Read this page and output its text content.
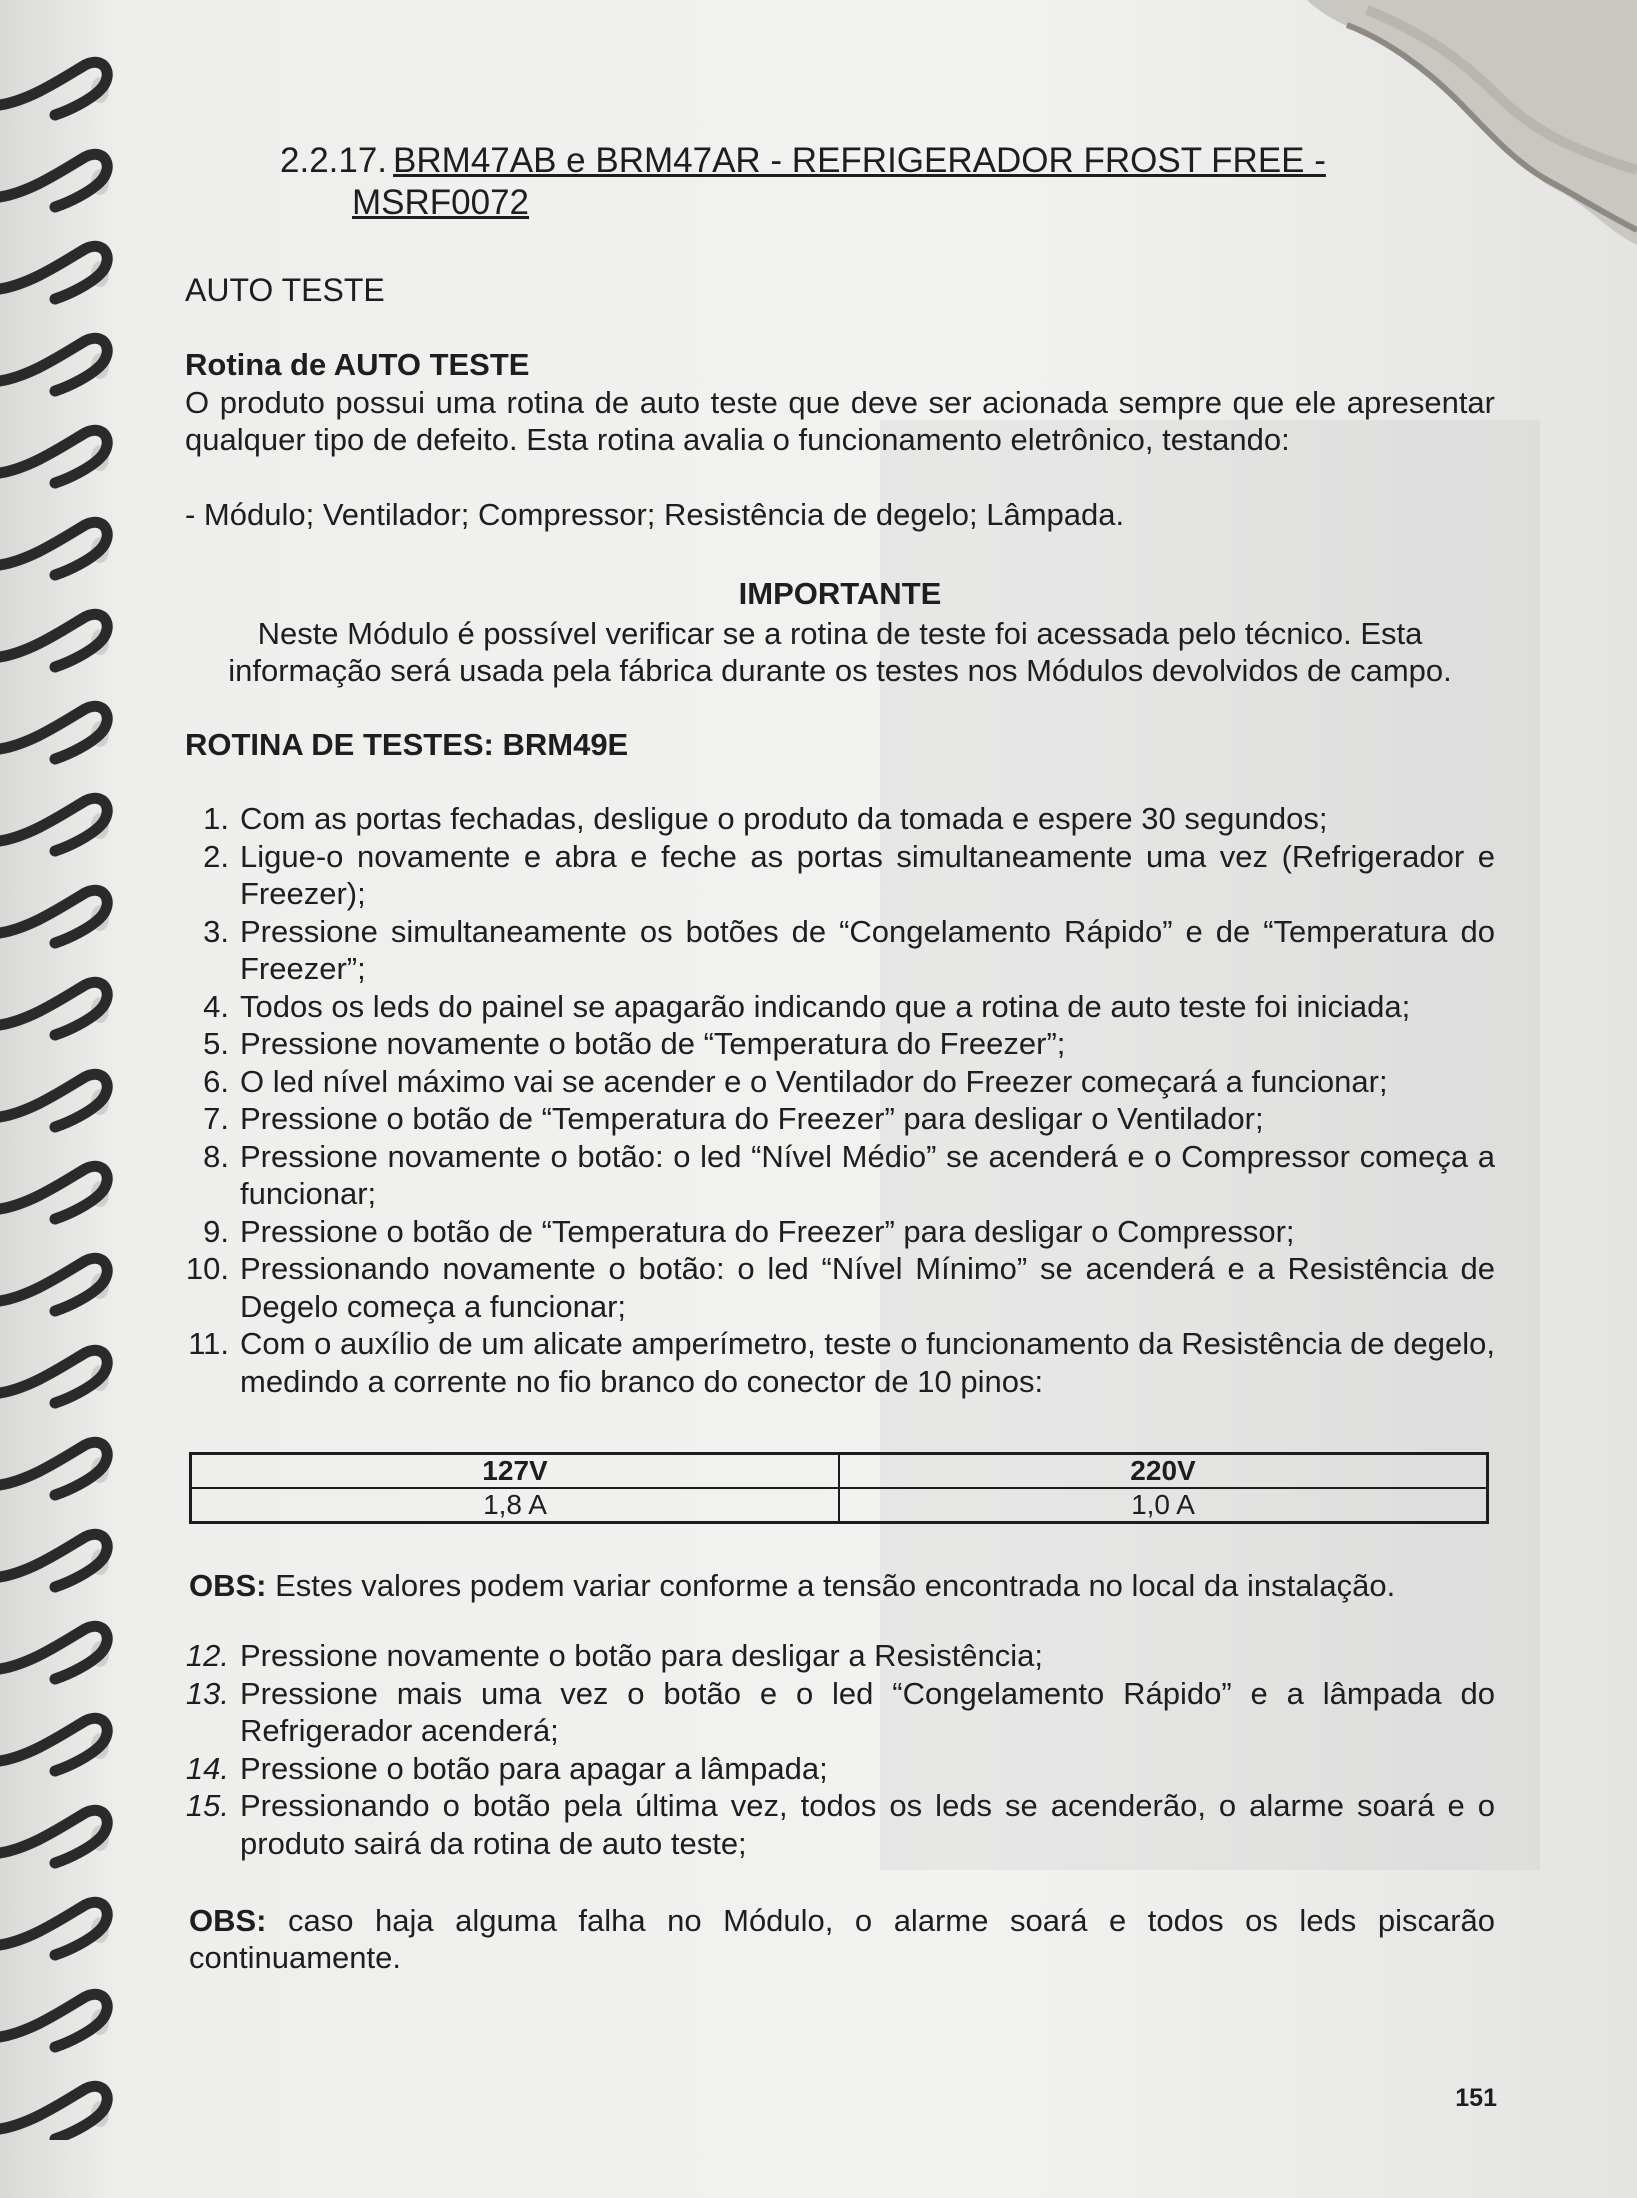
2.2.17. BRM47AB e BRM47AR - REFRIGERADOR FROST FREE -
MSRF0072
AUTO TESTE
Rotina de AUTO TESTE

O produto possui uma rotina de auto teste que deve ser acionada sempre que ele apresentar qualquer tipo de defeito. Esta rotina avalia o funcionamento eletrônico, testando:

- Módulo; Ventilador; Compressor; Resistência de degelo; Lâmpada.

IMPORTANTE

Neste Módulo é possível verificar se a rotina de teste foi acessada pelo técnico. Esta informação será usada pela fábrica durante os testes nos Módulos devolvidos de campo.

ROTINA DE TESTES: BRM49E
1. Com as portas fechadas, desligue o produto da tomada e espere 30 segundos;
2. Ligue-o novamente e abra e feche as portas simultaneamente uma vez (Refrigerador e Freezer);
3. Pressione simultaneamente os botões de “Congelamento Rápido” e de “Temperatura do Freezer”;
4. Todos os leds do painel se apagarão indicando que a rotina de auto teste foi iniciada;
5. Pressione novamente o botão de “Temperatura do Freezer”;
6. O led nível máximo vai se acender e o Ventilador do Freezer começará a funcionar;
7. Pressione o botão de “Temperatura do Freezer” para desligar o Ventilador;
8. Pressione novamente o botão: o led “Nível Médio” se acenderá e o Compressor começa a funcionar;
9. Pressione o botão de “Temperatura do Freezer” para desligar o Compressor;
10. Pressionando novamente o botão: o led “Nível Mínimo” se acenderá e a Resistência de Degelo começa a funcionar;
11. Com o auxílio de um alicate amperímetro, teste o funcionamento da Resistência de degelo, medindo a corrente no fio branco do conector de 10 pinos:
127V	220V
1,8 A	1,0 A

OBS: Estes valores podem variar conforme a tensão encontrada no local da instalação.

12. Pressione novamente o botão para desligar a Resistência;
13. Pressione mais uma vez o botão e o led “Congelamento Rápido” e a lâmpada do Refrigerador acenderá;
14. Pressione o botão para apagar a lâmpada;
15. Pressionando o botão pela última vez, todos os leds se acenderão, o alarme soará e o produto sairá da rotina de auto teste;

OBS: caso haja alguma falha no Módulo, o alarme soará e todos os leds piscarão continuamente.

151
